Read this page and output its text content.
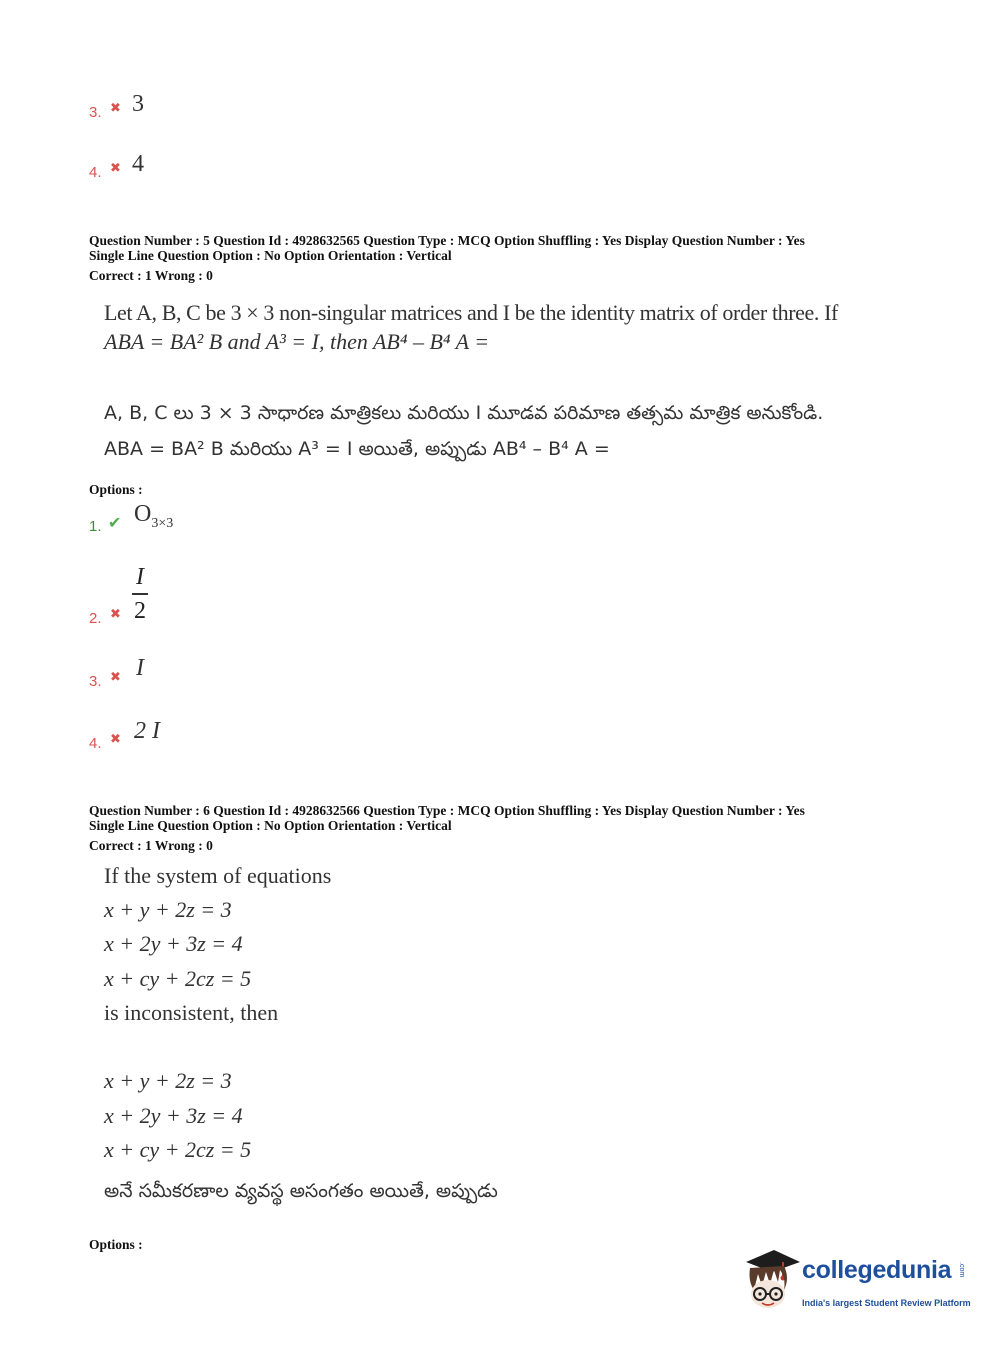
3. ✖ 3
4. ✖ 4
Question Number : 5 Question Id : 4928632565 Question Type : MCQ Option Shuffling : Yes Display Question Number : Yes
Single Line Question Option : No Option Orientation : Vertical
Correct : 1 Wrong : 0
Let A, B, C be 3 × 3 non-singular matrices and I be the identity matrix of order three. If
ABA = BA² B and A³ = I, then AB⁴ – B⁴ A =
A, B, C లు 3 × 3 సాధారణ మాత్రికలు మరియు I మూడవ పరిమాణ తత్సమ మాత్రిక అనుకోండి.
ABA = BA² B మరియు A³ = I అయితే, అప్పుడు AB⁴ – B⁴ A =
Options :
1. ✔ $O_{3\times 3}$
2. ✖
I
2
3. ✖ I
4. ✖ 2 I
Question Number : 6 Question Id : 4928632566 Question Type : MCQ Option Shuffling : Yes Display Question Number : Yes
Single Line Question Option : No Option Orientation : Vertical
Correct : 1 Wrong : 0
If the system of equations
x + y + 2z = 3
x + 2y + 3z = 4
x + cy + 2cz = 5
is inconsistent, then
x + y + 2z = 3
x + 2y + 3z = 4
x + cy + 2cz = 5
అనే సమీకరణాల వ్యవస్థ అసంగతం అయితే, అప్పుడు
Options :
collegedunia .com
India's largest Student Review Platform
